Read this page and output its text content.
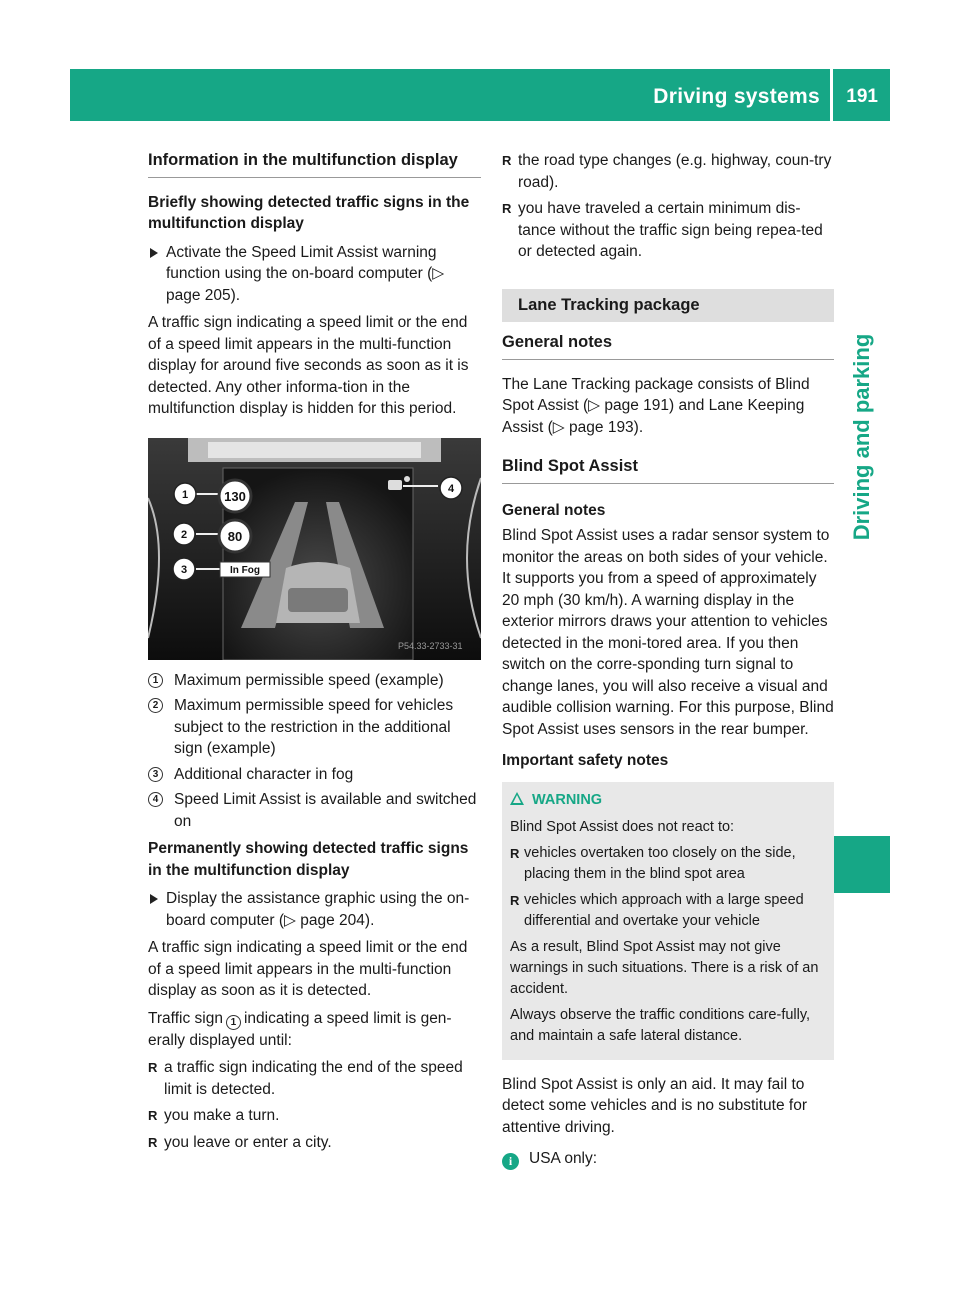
Driving systems 191
Driving and parking
Information in the multifunction display
Briefly showing detected traffic signs in the multifunction display
Activate the Speed Limit Assist warning function using the on-board computer (▷ page 205).

A traffic sign indicating a speed limit or the end of a speed limit appears in the multi-function display for around five seconds as soon as it is detected. Any other informa-tion in the multifunction display is hidden for this period.

130
80
In Fog
1
2
3
4
P54.33-2733-31
1	Maximum permissible speed (example)
2	Maximum permissible speed for vehicles subject to the restriction in the additional sign (example)
3	Additional character in fog
4	Speed Limit Assist is available and switched on
Permanently showing detected traffic signs in the multifunction display
Display the assistance graphic using the on-board computer (▷ page 204).

A traffic sign indicating a speed limit or the end of a speed limit appears in the multi-function display as soon as it is detected.

Traffic sign 1 indicating a speed limit is gen-erally displayed until:

R a traffic sign indicating the end of the speed limit is detected.
R you make a turn.
R you leave or enter a city.
R the road type changes (e.g. highway, coun-try road).
R you have traveled a certain minimum dis-tance without the traffic sign being repea-ted or detected again.
Lane Tracking package
General notes

The Lane Tracking package consists of Blind Spot Assist (▷ page 191) and Lane Keeping Assist (▷ page 193).

Blind Spot Assist
General notes

Blind Spot Assist uses a radar sensor system to monitor the areas on both sides of your vehicle. It supports you from a speed of approximately 20 mph (30 km/h). A warning display in the exterior mirrors draws your attention to vehicles detected in the moni-tored area. If you then switch on the corre-sponding turn signal to change lanes, you will also receive a visual and audible collision warning. For this purpose, Blind Spot Assist uses sensors in the rear bumper.

Important safety notes
WARNING

Blind Spot Assist does not react to:

R vehicles overtaken too closely on the side, placing them in the blind spot area
R vehicles which approach with a large speed differential and overtake your vehicle

As a result, Blind Spot Assist may not give warnings in such situations. There is a risk of an accident.

Always observe the traffic conditions care-fully, and maintain a safe lateral distance.

Blind Spot Assist is only an aid. It may fail to detect some vehicles and is no substitute for attentive driving.

i USA only:
